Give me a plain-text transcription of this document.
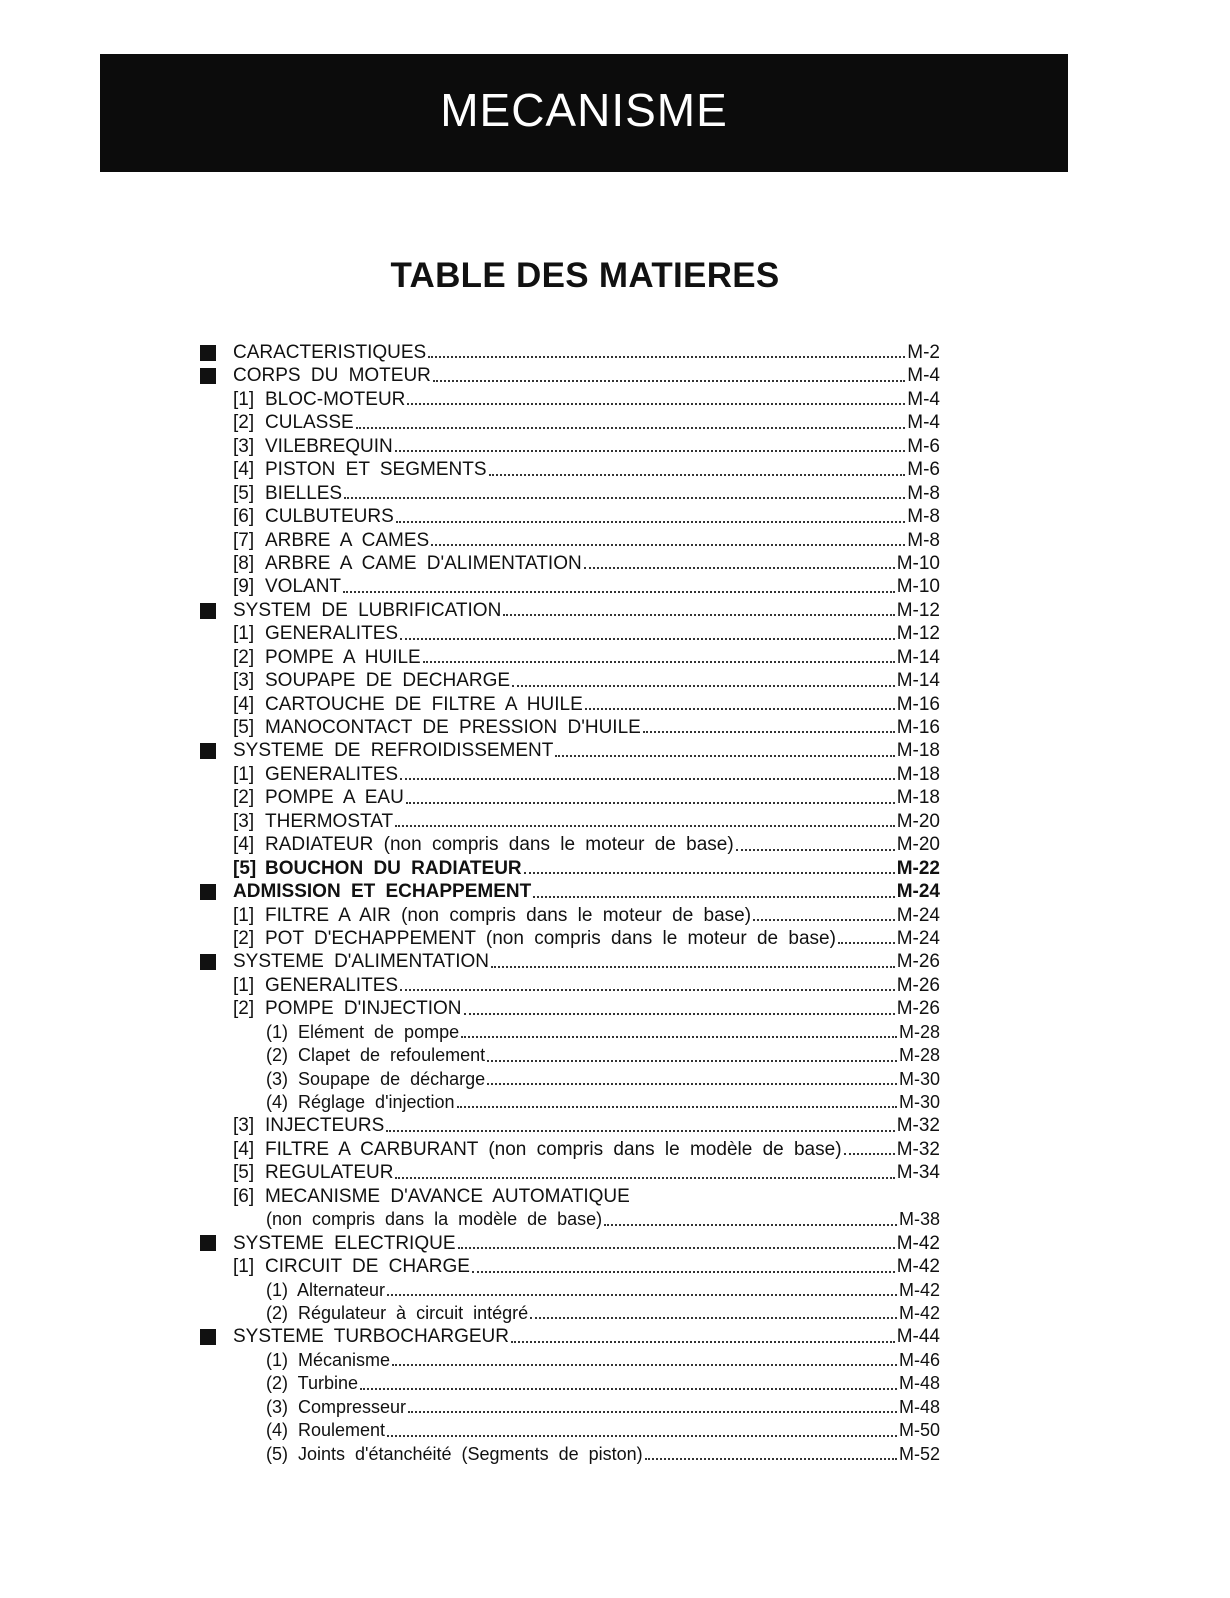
MECANISME
TABLE DES MATIERES
CARACTERISTIQUES	M-2
CORPS DU MOTEUR	M-4
[1] BLOC-MOTEUR	M-4
[2] CULASSE	M-4
[3] VILEBREQUIN	M-6
[4] PISTON ET SEGMENTS	M-6
[5] BIELLES	M-8
[6] CULBUTEURS	M-8
[7] ARBRE A CAMES	M-8
[8] ARBRE A CAME D'ALIMENTATION	M-10
[9] VOLANT	M-10
SYSTEM DE LUBRIFICATION	M-12
[1] GENERALITES	M-12
[2] POMPE A HUILE	M-14
[3] SOUPAPE DE DECHARGE	M-14
[4] CARTOUCHE DE FILTRE A HUILE	M-16
[5] MANOCONTACT DE PRESSION D'HUILE	M-16
SYSTEME DE REFROIDISSEMENT	M-18
[1] GENERALITES	M-18
[2] POMPE A EAU	M-18
[3] THERMOSTAT	M-20
[4] RADIATEUR (non compris dans le moteur de base)	M-20
[5] BOUCHON DU RADIATEUR	M-22
ADMISSION ET ECHAPPEMENT	M-24
[1] FILTRE A AIR (non compris dans le moteur de base)	M-24
[2] POT D'ECHAPPEMENT (non compris dans le moteur de base)	M-24
SYSTEME D'ALIMENTATION	M-26
[1] GENERALITES	M-26
[2] POMPE D'INJECTION	M-26
(1) Elément de pompe	M-28
(2) Clapet de refoulement	M-28
(3) Soupape de décharge	M-30
(4) Réglage d'injection	M-30
[3] INJECTEURS	M-32
[4] FILTRE A CARBURANT (non compris dans le modèle de base)	M-32
[5] REGULATEUR	M-34
[6] MECANISME D'AVANCE AUTOMATIQUE
(non compris dans la modèle de base)	M-38
SYSTEME ELECTRIQUE	M-42
[1] CIRCUIT DE CHARGE	M-42
(1) Alternateur	M-42
(2) Régulateur à circuit intégré	M-42
SYSTEME TURBOCHARGEUR	M-44
(1) Mécanisme	M-46
(2) Turbine	M-48
(3) Compresseur	M-48
(4) Roulement	M-50
(5) Joints d'étanchéité (Segments de piston)	M-52
